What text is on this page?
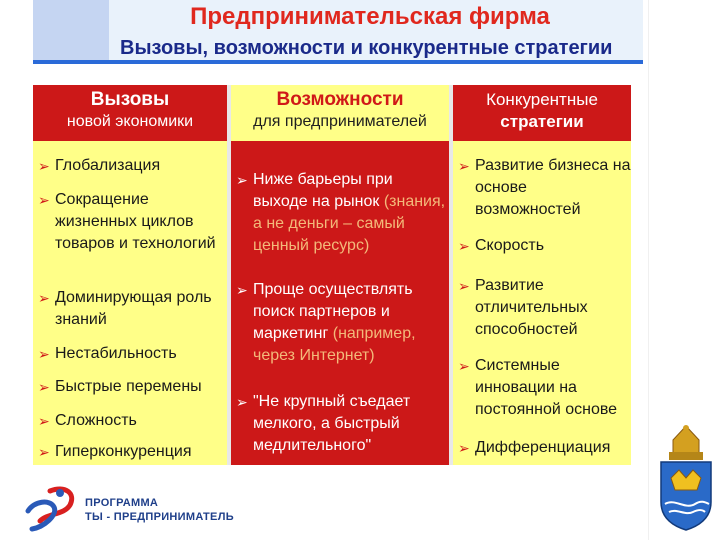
Предпринимательская фирма
Вызовы, возможности и конкурентные стратегии
Вызовы
новой экономики
➢ Глобализация
➢ Сокращение жизненных циклов товаров и технологий
➢ Доминирующая роль знаний
➢ Нестабильность
➢ Быстрые перемены
➢ Сложность
➢ Гиперконкуренция
Возможности
для предпринимателей
➢ Ниже барьеры при выходе на рынок (знания, а не деньги – самый ценный ресурс)
➢ Проще осуществлять поиск партнеров и маркетинг (например, через Интернет)
➢ "Не крупный съедает мелкого, а быстрый медлительного"
Конкурентные
стратегии
➢ Развитие бизнеса на основе возможностей
➢ Скорость
➢ Развитие отличительных способностей
➢ Системные инновации на постоянной основе
➢ Дифференциация
ПРОГРАММА
ТЫ - ПРЕДПРИНИМАТЕЛЬ
